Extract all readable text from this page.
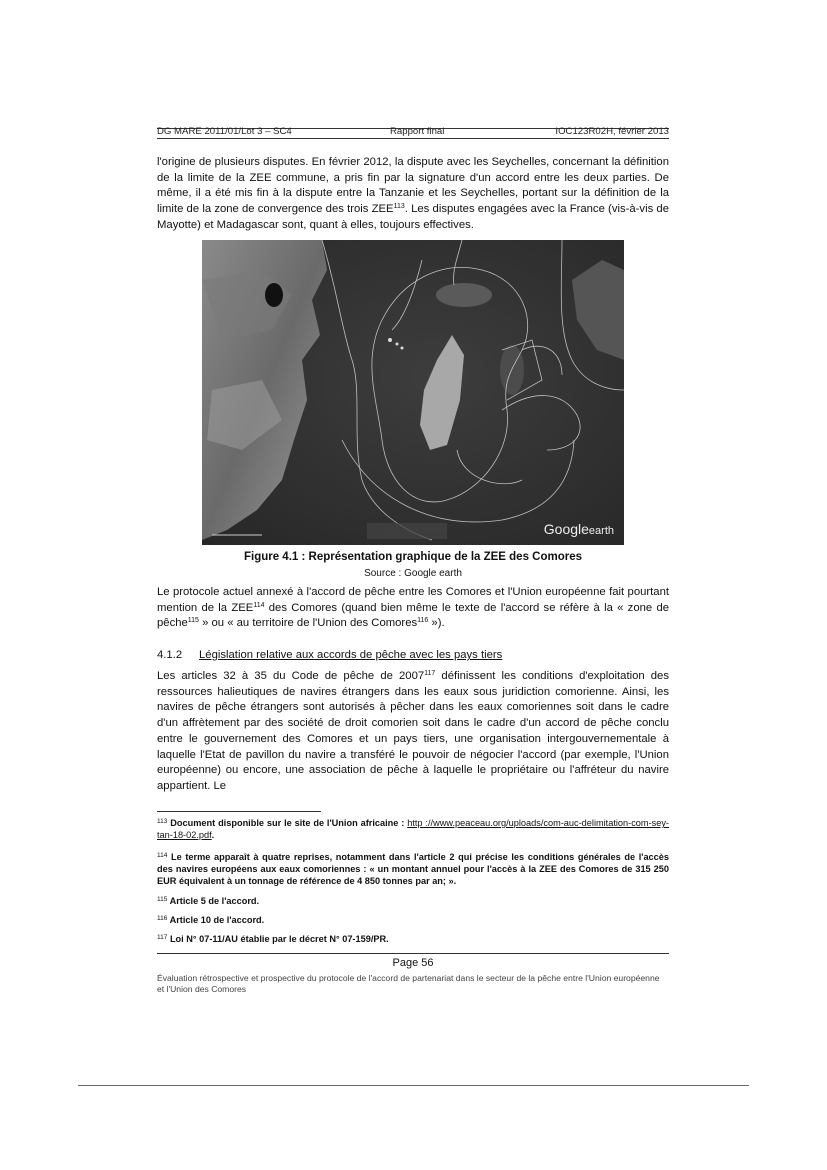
DG MARE 2011/01/Lot 3 – SC4	Rapport final	IOC123R02H, février 2013
l'origine de plusieurs disputes. En février 2012, la dispute avec les Seychelles, concernant la définition de la limite de la ZEE commune, a pris fin par la signature d'un accord entre les deux parties. De même, il a été mis fin à la dispute entre la Tanzanie et les Seychelles, portant sur la définition de la limite de la zone de convergence des trois ZEE$^{113}$. Les disputes engagées avec la France (vis-à-vis de Mayotte) et Madagascar sont, quant à elles, toujours effectives.
Googleearth
Figure 4.1 : Représentation graphique de la ZEE des Comores
Source : Google earth
Le protocole actuel annexé à l'accord de pêche entre les Comores et l'Union européenne fait pourtant mention de la ZEE$^{114}$ des Comores (quand bien même le texte de l'accord se réfère à la « zone de pêche$^{115}$ » ou « au territoire de l'Union des Comores$^{116}$ »).
4.1.2 Législation relative aux accords de pêche avec les pays tiers
Les articles 32 à 35 du Code de pêche de 2007$^{117}$ définissent les conditions d'exploitation des ressources halieutiques de navires étrangers dans les eaux sous juridiction comorienne. Ainsi, les navires de pêche étrangers sont autorisés à pêcher dans les eaux comoriennes soit dans le cadre d'un affrètement par des société de droit comorien soit dans le cadre d'un accord de pêche conclu entre le gouvernement des Comores et un pays tiers, une organisation intergouvernementale à laquelle l'Etat de pavillon du navire a transféré le pouvoir de négocier l'accord (par exemple, l'Union européenne) ou encore, une association de pêche à laquelle le propriétaire ou l'affréteur du navire appartient. Le
$^{113}$ Document disponible sur le site de l'Union africaine : http ://www.peaceau.org/uploads/com-auc-delimitation-com-sey-tan-18-02.pdf.
$^{114}$ Le terme apparaît à quatre reprises, notamment dans l'article 2 qui précise les conditions générales de l'accès des navires européens aux eaux comoriennes : « un montant annuel pour l'accès à la ZEE des Comores de 315 250 EUR équivalent à un tonnage de référence de 4 850 tonnes par an; ».
$^{115}$ Article 5 de l'accord.
$^{116}$ Article 10 de l'accord.
$^{117}$ Loi N° 07-11/AU établie par le décret N° 07-159/PR.
Page 56
Évaluation rétrospective et prospective du protocole de l'accord de partenariat dans le secteur de la pêche entre l'Union européenne et l'Union des Comores
